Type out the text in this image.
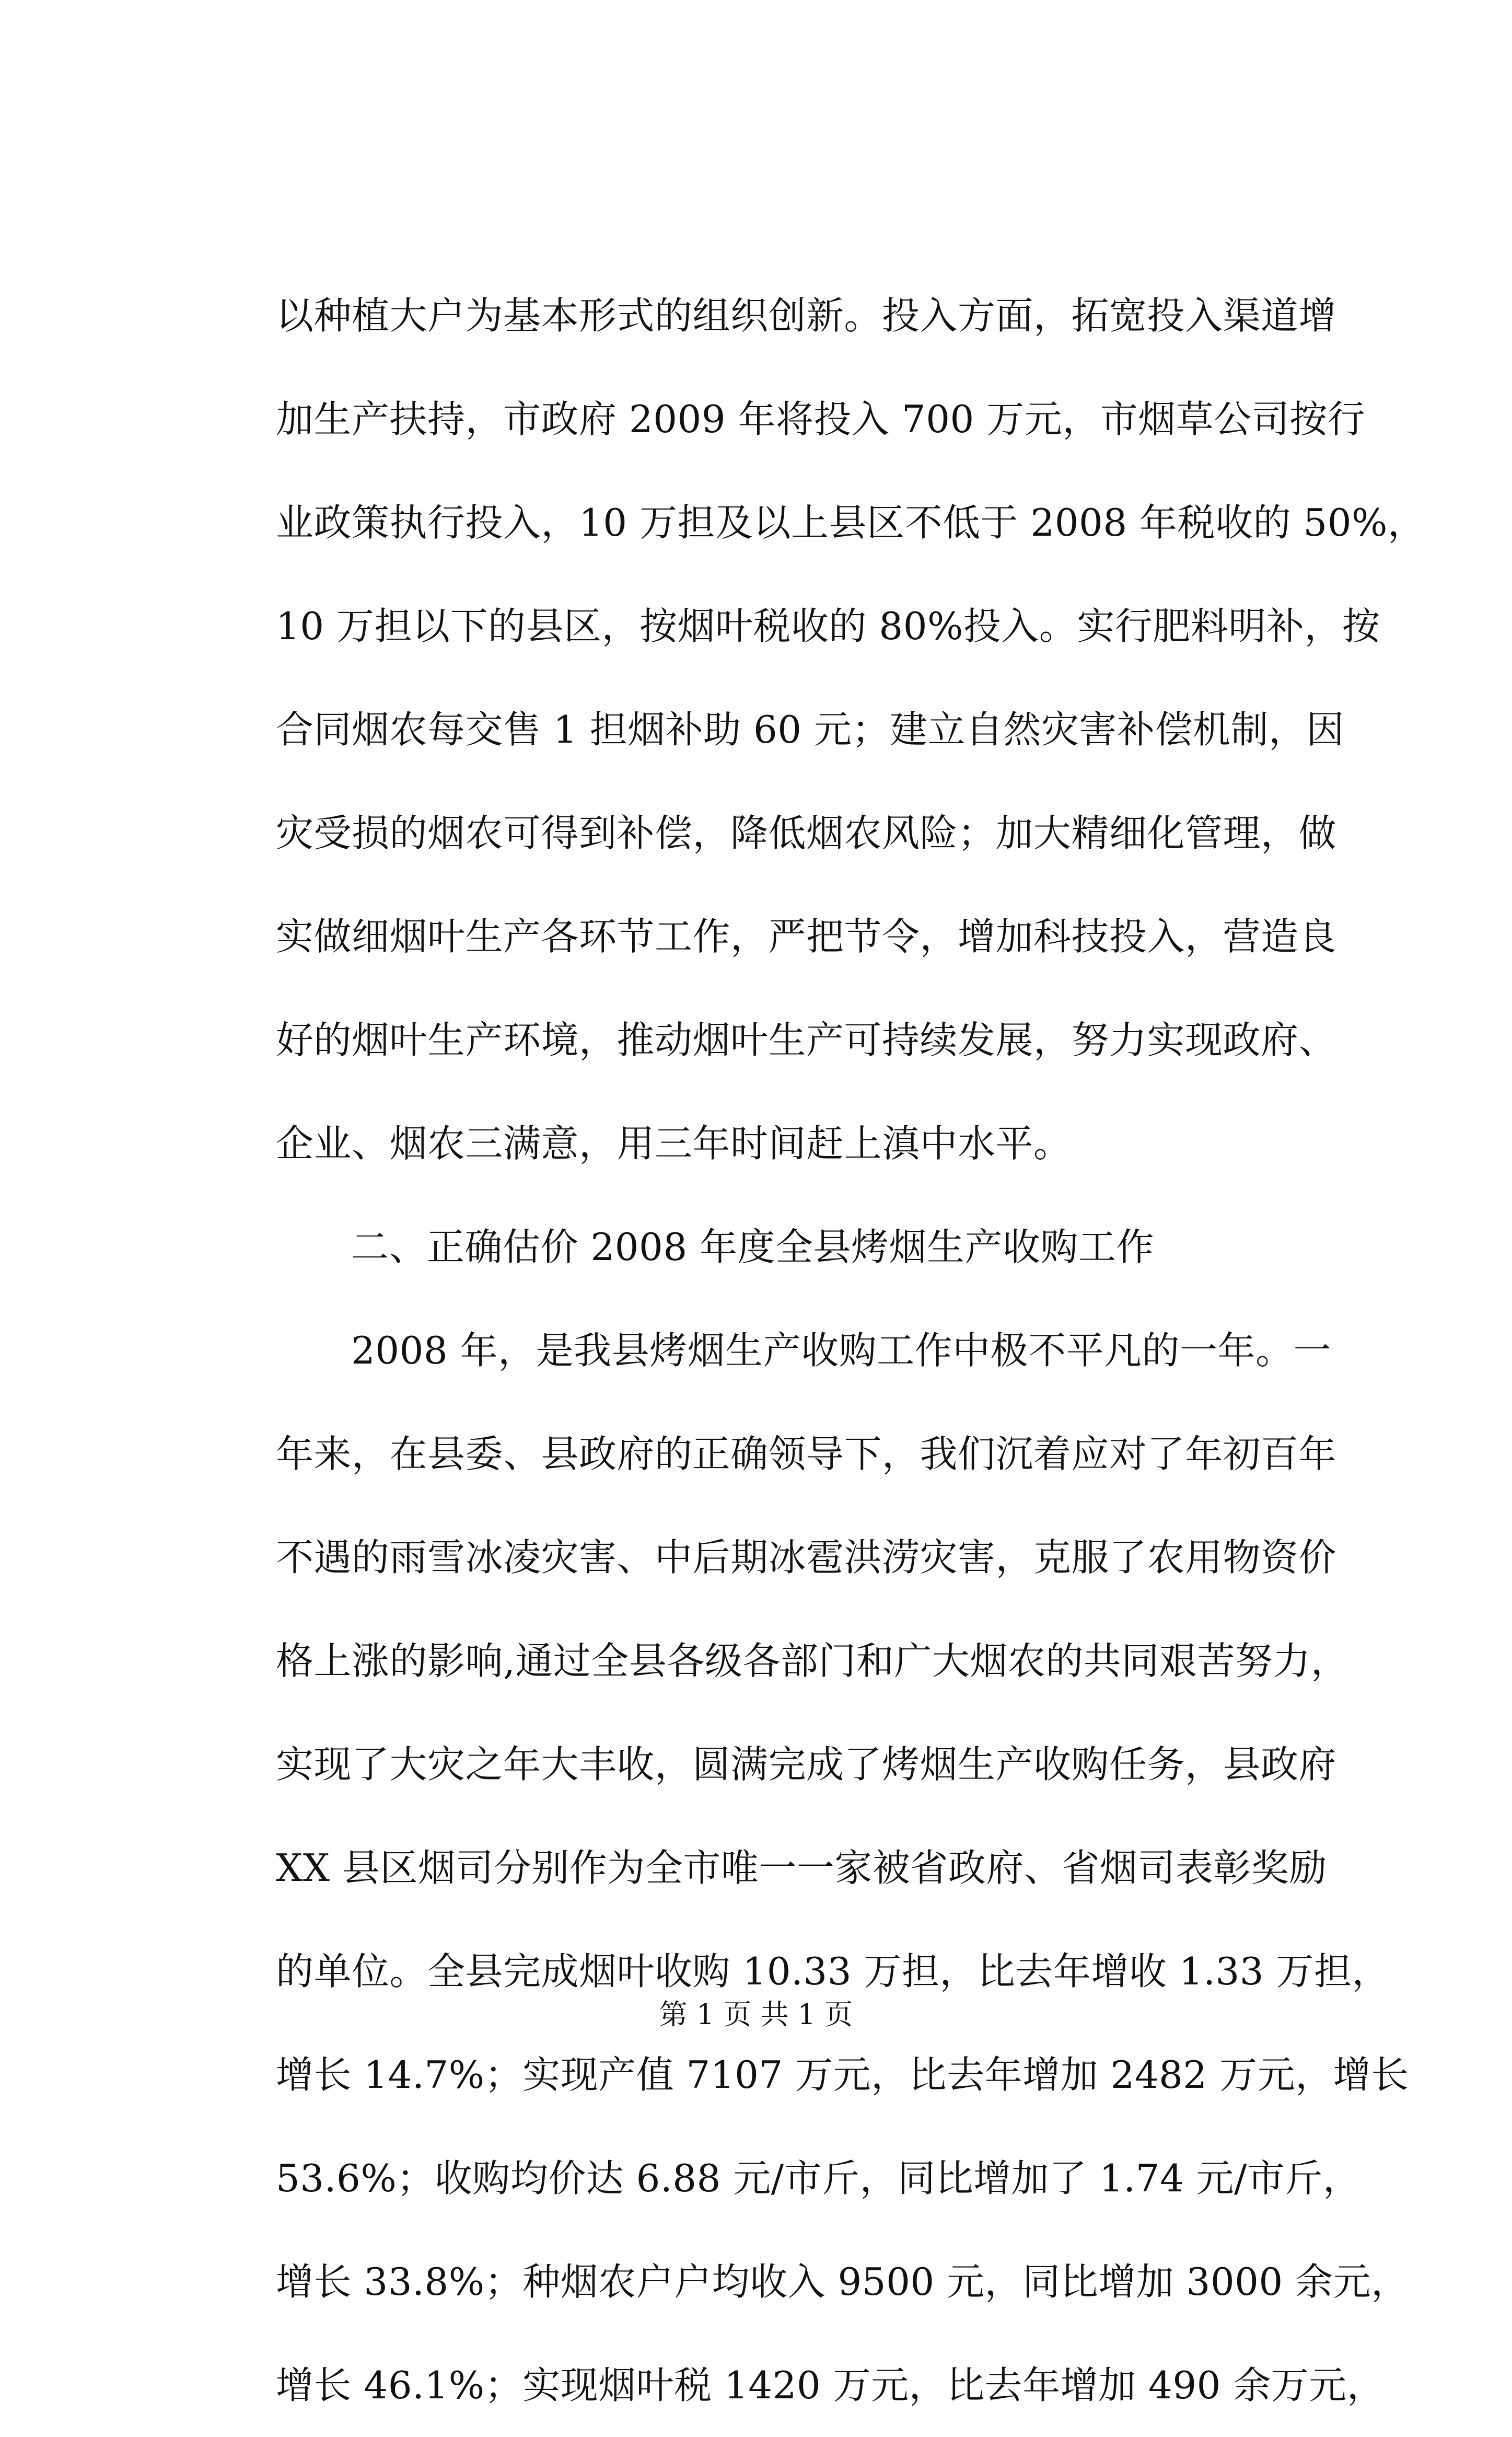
以种植大户为基本形式的组织创新。投入方面，拓宽投入渠道增
加生产扶持，市政府 2009 年将投入 700 万元，市烟草公司按行
业政策执行投入，10 万担及以上县区不低于 2008 年税收的 50%，
10 万担以下的县区，按烟叶税收的 80%投入。实行肥料明补，按
合同烟农每交售 1 担烟补助 60 元；建立自然灾害补偿机制，因
灾受损的烟农可得到补偿，降低烟农风险；加大精细化管理，做
实做细烟叶生产各环节工作，严把节令，增加科技投入，营造良
好的烟叶生产环境，推动烟叶生产可持续发展，努力实现政府、
企业、烟农三满意，用三年时间赶上滇中水平。
二、正确估价 2008 年度全县烤烟生产收购工作
2008 年，是我县烤烟生产收购工作中极不平凡的一年。一
年来，在县委、县政府的正确领导下，我们沉着应对了年初百年
不遇的雨雪冰凌灾害、中后期冰雹洪涝灾害，克服了农用物资价
格上涨的影响,通过全县各级各部门和广大烟农的共同艰苦努力，
实现了大灾之年大丰收，圆满完成了烤烟生产收购任务，县政府
XX 县区烟司分别作为全市唯一一家被省政府、省烟司表彰奖励
的单位。全县完成烟叶收购 10.33 万担，比去年增收 1.33 万担，
增长 14.7%；实现产值 7107 万元，比去年增加 2482 万元，增长
53.6%；收购均价达 6.88 元/市斤，同比增加了 1.74 元/市斤，
增长 33.8%；种烟农户户均收入 9500 元，同比增加 3000 余元，
增长 46.1%；实现烟叶税 1420 万元，比去年增加 490 余万元，
第 1 页 共 1 页
